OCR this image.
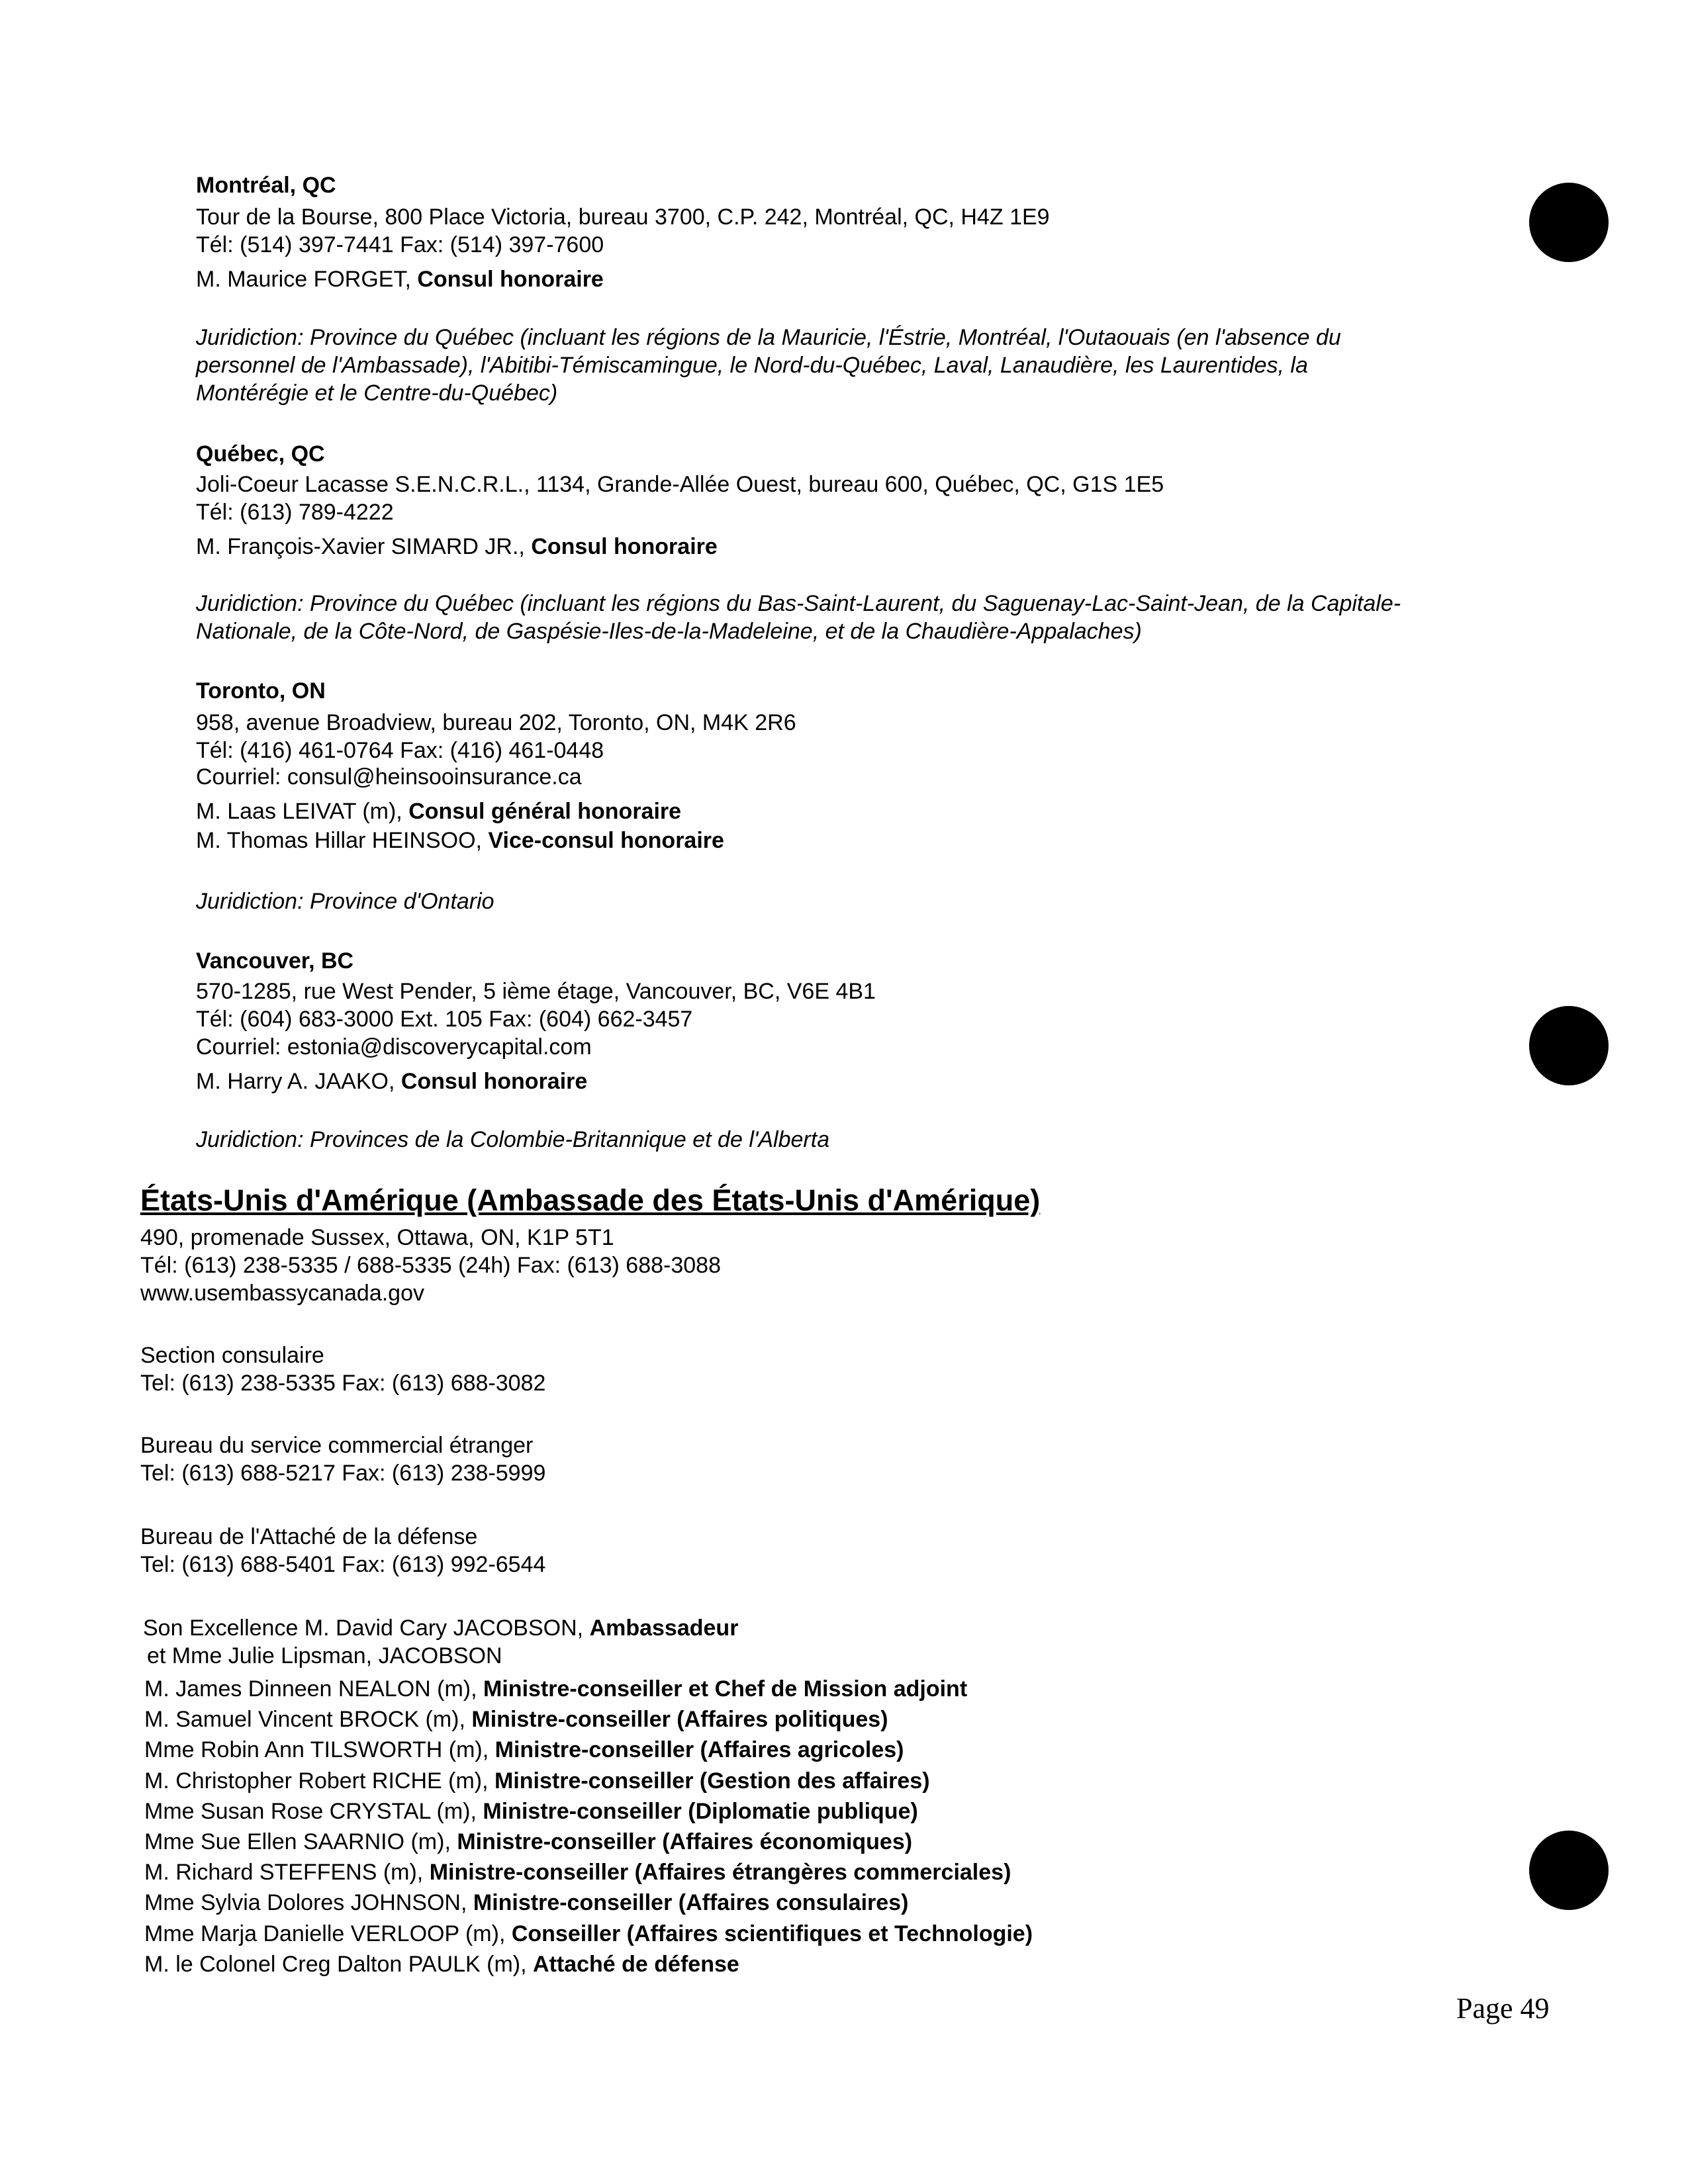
Montréal, QC
Tour de la Bourse, 800 Place Victoria, bureau 3700, C.P. 242, Montréal, QC, H4Z 1E9
Tél: (514) 397-7441 Fax: (514) 397-7600
M. Maurice FORGET, Consul honoraire
Juridiction: Province du Québec (incluant les régions de la Mauricie, l'Éstrie, Montréal, l'Outaouais (en l'absence du
personnel de l'Ambassade), l'Abitibi-Témiscamingue, le Nord-du-Québec, Laval, Lanaudière, les Laurentides, la
Montérégie et le Centre-du-Québec)
Québec, QC
Joli-Coeur Lacasse S.E.N.C.R.L., 1134, Grande-Allée Ouest, bureau 600, Québec, QC, G1S 1E5
Tél: (613) 789-4222
M. François-Xavier SIMARD JR., Consul honoraire
Juridiction: Province du Québec (incluant les régions du Bas-Saint-Laurent, du Saguenay-Lac-Saint-Jean, de la Capitale-
Nationale, de la Côte-Nord, de Gaspésie-Iles-de-la-Madeleine, et de la Chaudière-Appalaches)
Toronto, ON
958, avenue Broadview, bureau 202, Toronto, ON, M4K 2R6
Tél: (416) 461-0764 Fax: (416) 461-0448
Courriel: consul@heinsooinsurance.ca
M. Laas LEIVAT (m), Consul général honoraire
M. Thomas Hillar HEINSOO, Vice-consul honoraire
Juridiction: Province d'Ontario
Vancouver, BC
570-1285, rue West Pender, 5 ième étage, Vancouver, BC, V6E 4B1
Tél: (604) 683-3000 Ext. 105 Fax: (604) 662-3457
Courriel: estonia@discoverycapital.com
M. Harry A. JAAKO, Consul honoraire
Juridiction: Provinces de la Colombie-Britannique et de l'Alberta
États-Unis d'Amérique (Ambassade des États-Unis d'Amérique)
490, promenade Sussex, Ottawa, ON, K1P 5T1
Tél: (613) 238-5335 / 688-5335 (24h) Fax: (613) 688-3088
www.usembassycanada.gov
Section consulaire
Tel: (613) 238-5335 Fax: (613) 688-3082
Bureau du service commercial étranger
Tel: (613) 688-5217 Fax: (613) 238-5999
Bureau de l'Attaché de la défense
Tel: (613) 688-5401 Fax: (613) 992-6544
Son Excellence M. David Cary JACOBSON, Ambassadeur
et Mme Julie Lipsman, JACOBSON
M. James Dinneen NEALON (m), Ministre-conseiller et Chef de Mission adjoint
M. Samuel Vincent BROCK (m), Ministre-conseiller (Affaires politiques)
Mme Robin Ann TILSWORTH (m), Ministre-conseiller (Affaires agricoles)
M. Christopher Robert RICHE (m), Ministre-conseiller (Gestion des affaires)
Mme Susan Rose CRYSTAL (m), Ministre-conseiller (Diplomatie publique)
Mme Sue Ellen SAARNIO (m), Ministre-conseiller (Affaires économiques)
M. Richard STEFFENS (m), Ministre-conseiller (Affaires étrangères commerciales)
Mme Sylvia Dolores JOHNSON, Ministre-conseiller (Affaires consulaires)
Mme Marja Danielle VERLOOP (m), Conseiller (Affaires scientifiques et Technologie)
M. le Colonel Creg Dalton PAULK (m), Attaché de défense
Page 49
